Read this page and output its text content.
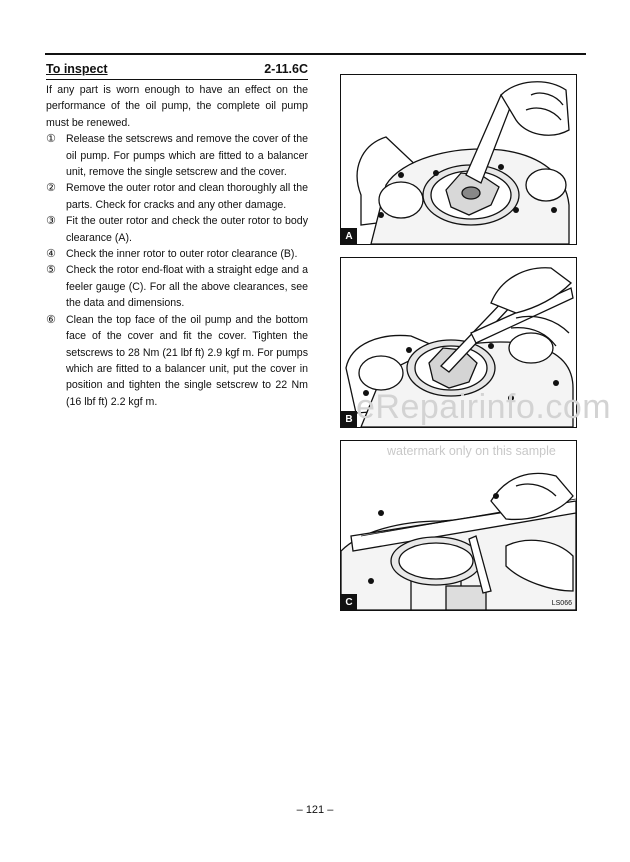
To inspect	2-11.6C

If any part is worn enough to have an effect on the performance of the oil pump, the complete oil pump must be renewed.

① Release the setscrews and remove the cover of the oil pump. For pumps which are fitted to a balancer unit, remove the single setscrew and the cover.
② Remove the outer rotor and clean thoroughly all the parts. Check for cracks and any other damage.
③ Fit the outer rotor and check the outer rotor to body clearance (A).
④ Check the inner rotor to outer rotor clearance (B).
⑤ Check the rotor end-float with a straight edge and a feeler gauge (C). For all the above clearances, see the data and dimensions.
⑥ Clean the top face of the oil pump and the bottom face of the cover and fit the cover. Tighten the setscrews to 28 Nm (21 lbf ft) 2.9 kgf m. For pumps which are fitted to a balancer unit, put the cover in position and tighten the single setscrew to 22 Nm (16 lbf ft) 2.2 kgf m.
A
B
C	LS066
eRepairinfo.com
watermark only on this sample
– 121 –
